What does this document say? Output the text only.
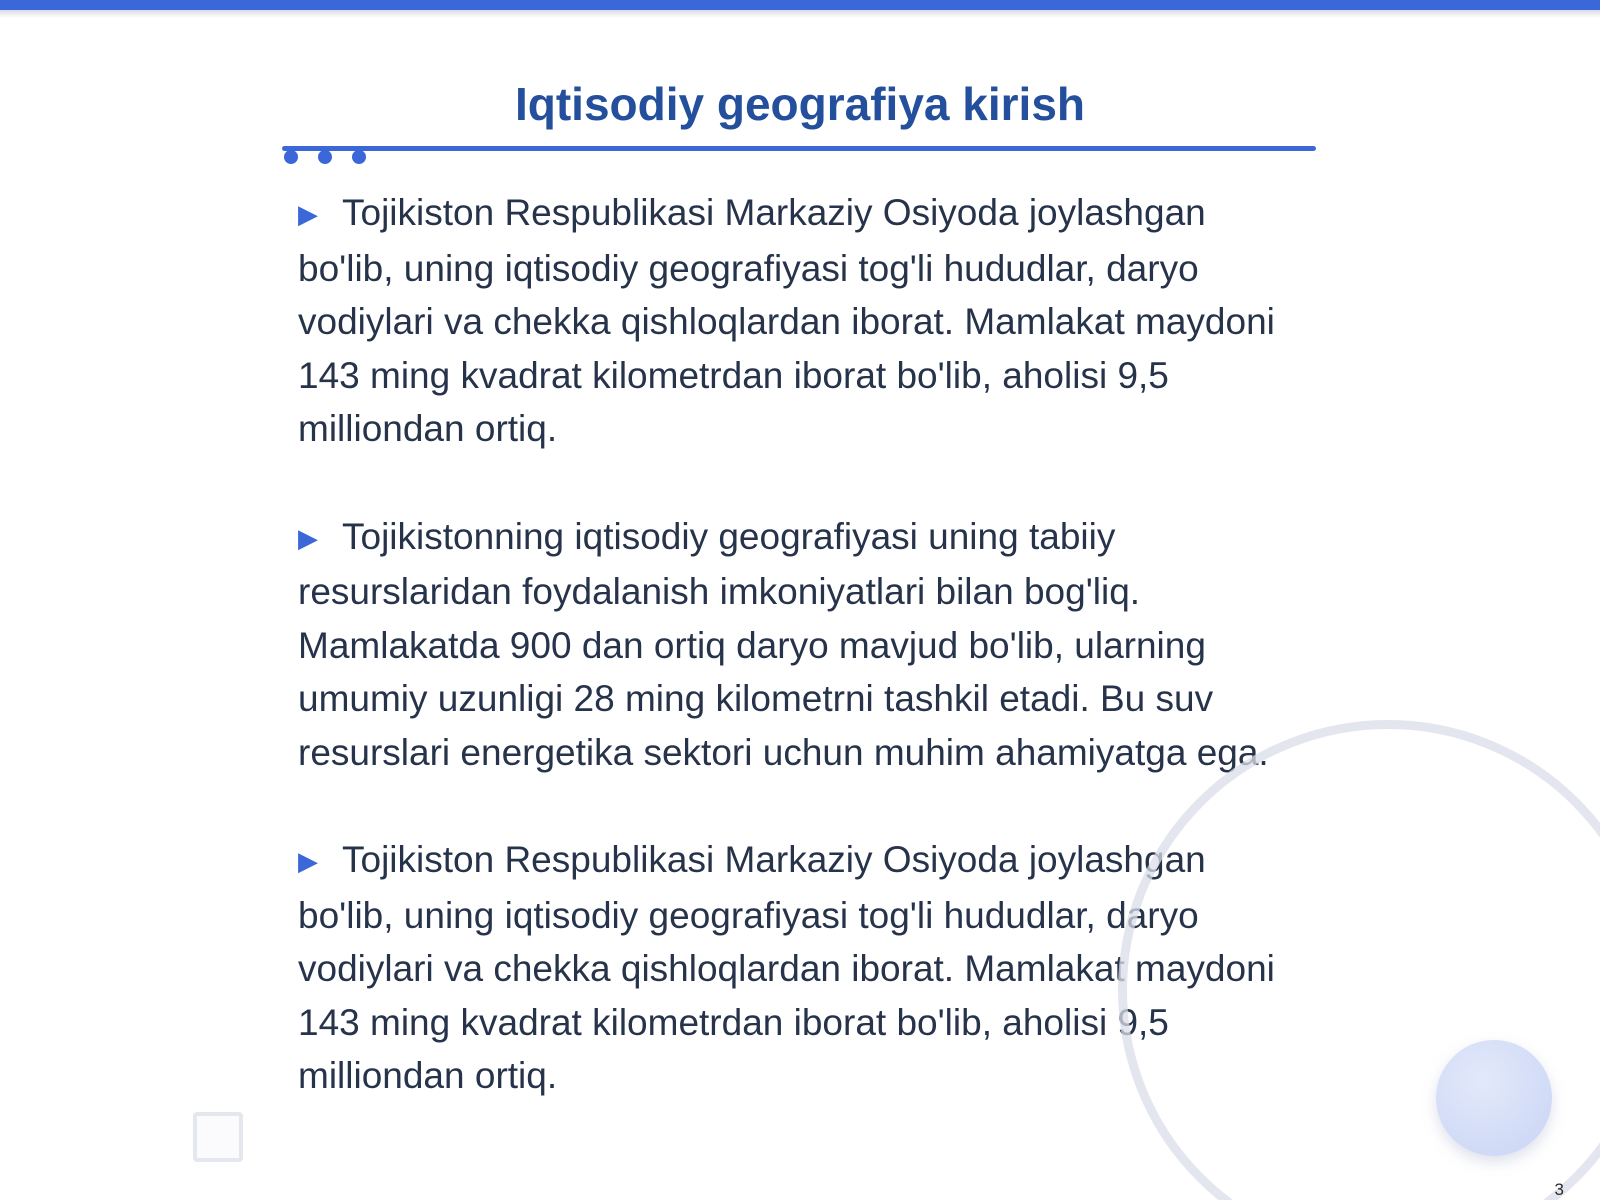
Iqtisodiy geografiya kirish
▶ Tojikiston Respublikasi Markaziy Osiyoda joylashgan bo'lib, uning iqtisodiy geografiyasi tog'li hududlar, daryo vodiylari va chekka qishloqlardan iborat. Mamlakat maydoni 143 ming kvadrat kilometrdan iborat bo'lib, aholisi 9,5 milliondan ortiq.
▶ Tojikistonning iqtisodiy geografiyasi uning tabiiy resurslaridan foydalanish imkoniyatlari bilan bog'liq. Mamlakatda 900 dan ortiq daryo mavjud bo'lib, ularning umumiy uzunligi 28 ming kilometrni tashkil etadi. Bu suv resurslari energetika sektori uchun muhim ahamiyatga ega.
▶ Tojikiston Respublikasi Markaziy Osiyoda joylashgan bo'lib, uning iqtisodiy geografiyasi tog'li hududlar, daryo vodiylari va chekka qishloqlardan iborat. Mamlakat maydoni 143 ming kvadrat kilometrdan iborat bo'lib, aholisi 9,5 milliondan ortiq.
3
